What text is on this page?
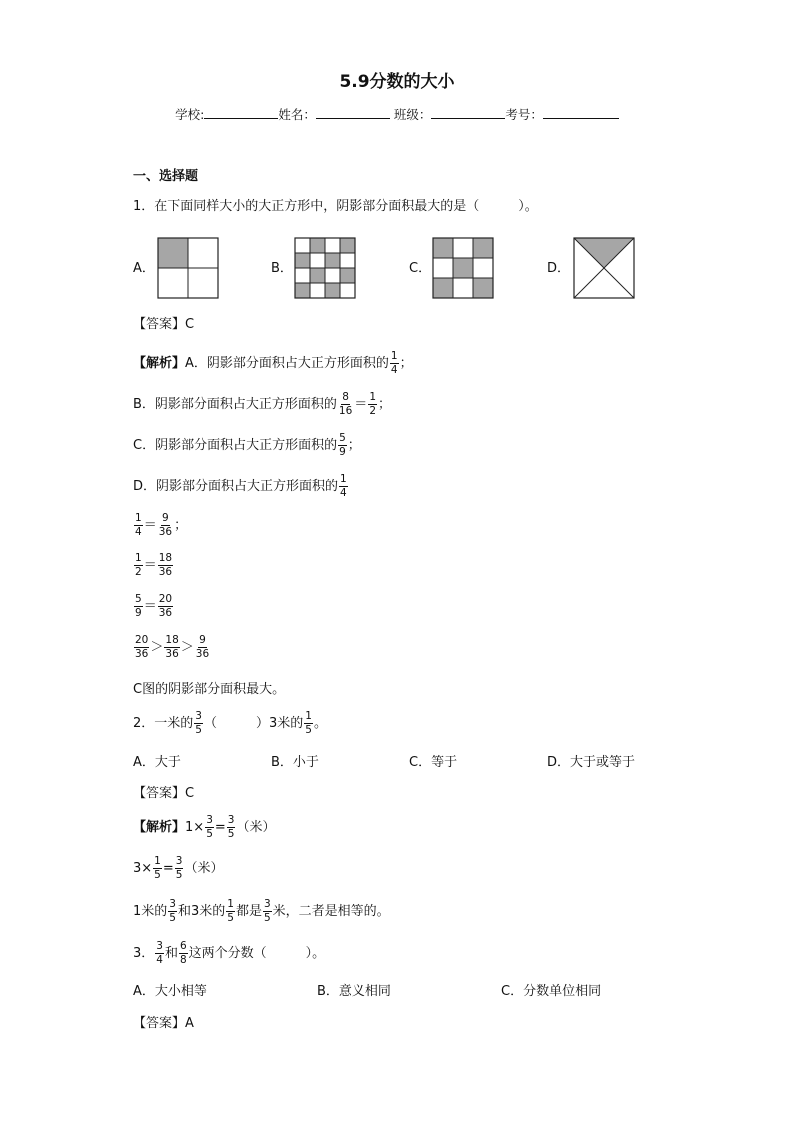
5.9分数的大小
学校:	姓名：	班级：	考号：
一、选择题
1．在下面同样大小的大正方形中，阴影部分面积最大的是（　　　）。
A．	B．	C．	D．
【答案】C
【解析】 A．阴影部分面积占大正方形面积的 $\frac{1}{4}$ ；
B．阴影部分面积占大正方形面积的 $\frac{8}{16} = \frac{1}{2}$ ；
C．阴影部分面积占大正方形面积的 $\frac{5}{9}$ ；
D．阴影部分面积占大正方形面积的 $\frac{1}{4}$
$\frac{1}{4} = \frac{9}{36}$ ；
$\frac{1}{2} = \frac{18}{36}$
$\frac{5}{9} = \frac{20}{36}$
$\frac{20}{36} > \frac{18}{36} > \frac{9}{36}$
C图的阴影部分面积最大。
2．一米的 $\frac{3}{5}$ （　　　）3米的 $\frac{1}{5}$ 。
A．大于	B．小于	C．等于	D．大于或等于
【答案】C
【解析】 $1\times \frac{3}{5} = \frac{3}{5}$ （米）
$3\times \frac{1}{5} = \frac{3}{5}$ （米）
1米的 $\frac{3}{5}$ 和3米的 $\frac{1}{5}$ 都是 $\frac{3}{5}$ 米，二者是相等的。
3． $\frac{3}{4}$ 和 $\frac{6}{8}$ 这两个分数（　　　）。
A．大小相等	B．意义相同	C．分数单位相同
【答案】A
